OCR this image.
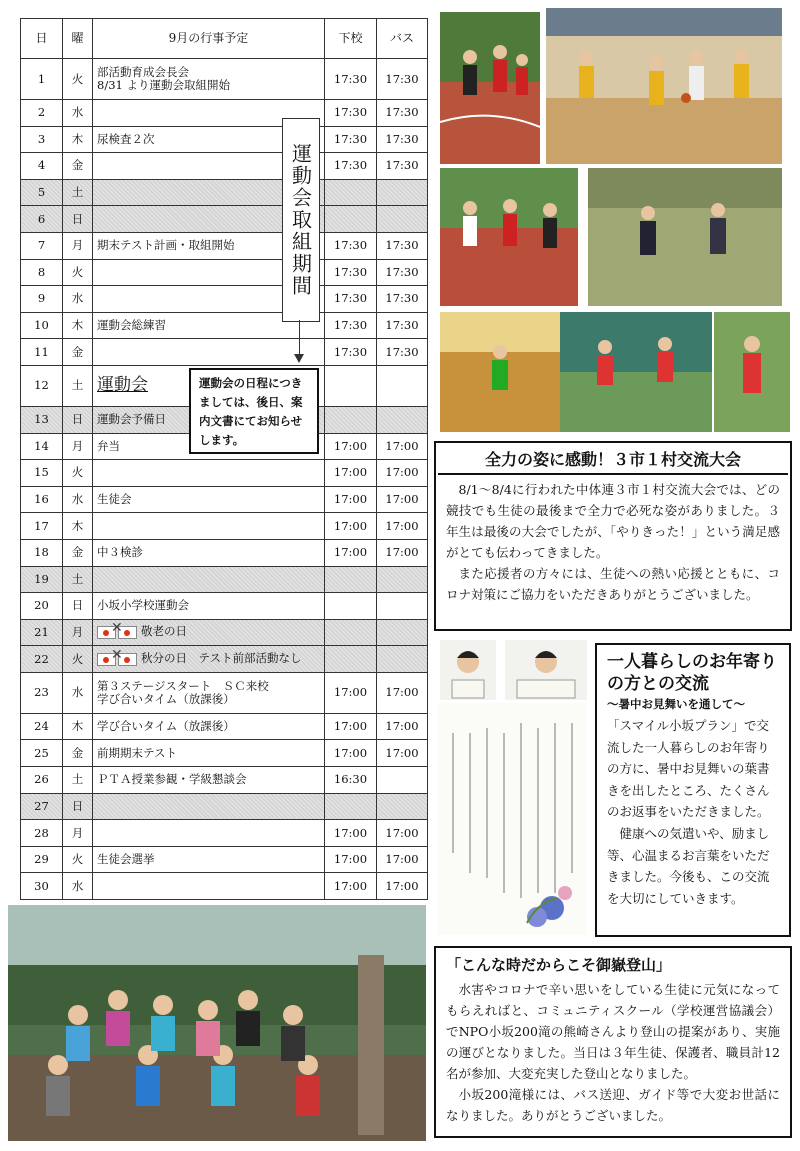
日	曜	9月の行事予定	下校	バス
1	火	部活動育成会長会
8/31 より運動会取組開始	17:30	17:30
2	水		17:30	17:30
3	木	尿検査２次	17:30	17:30
4	金		17:30	17:30
5	土			
6	日			
7	月	期末テスト計画・取組開始	17:30	17:30
8	火		17:30	17:30
9	水		17:30	17:30
10	木	運動会総練習	17:30	17:30
11	金		17:30	17:30
12	土	運動会		
13	日	運動会予備日		
14	月	弁当	17:00	17:00
15	火		17:00	17:00
16	水	生徒会	17:00	17:00
17	木		17:00	17:00
18	金	中３検診	17:00	17:00
19	土			
20	日	小坂小学校運動会		
21	月	✕ 敬老の日		
22	火	✕ 秋分の日　テスト前部活動なし		
23	水	第３ステージスタート　ＳＣ来校
学び合いタイム（放課後）	17:00	17:00
24	木	学び合いタイム（放課後）	17:00	17:00
25	金	前期期末テスト	17:00	17:00
26	土	ＰＴＡ授業参観・学級懇談会	16:30	
27	日			
28	月		17:00	17:00
29	火	生徒会選挙	17:00	17:00
30	水		17:00	17:00
運動会取組期間
運動会の日程につきましては、後日、案内文書にてお知らせします。
全力の姿に感動！３市１村交流大会

8/1～8/4に行われた中体連３市１村交流大会では、どの競技でも生徒の最後まで全力で必死な姿がありました。３年生は最後の大会でしたが、「やりきった！」という満足感がとても伝わってきました。

また応援者の方々には、生徒への熱い応援とともに、コロナ対策にご協力をいただきありがとうございました。

一人暮らしのお年寄りの方との交流
～暑中お見舞いを通して～

「スマイル小坂プラン」で交流した一人暮らしのお年寄りの方に、暑中お見舞いの葉書きを出したところ、たくさんのお返事をいただきました。

健康への気遣いや、励まし等、心温まるお言葉をいただきました。今後も、この交流を大切にしていきます。

「こんな時だからこそ御嶽登山」

水害やコロナで辛い思いをしている生徒に元気になってもらえればと、コミュニティスクール（学校運営協議会）でNPO小坂200滝の熊崎さんより登山の提案があり、実施の運びとなりました。当日は３年生徒、保護者、職員計12名が参加、大変充実した登山となりました。

小坂200滝様には、バス送迎、ガイド等で大変お世話になりました。ありがとうございました。
